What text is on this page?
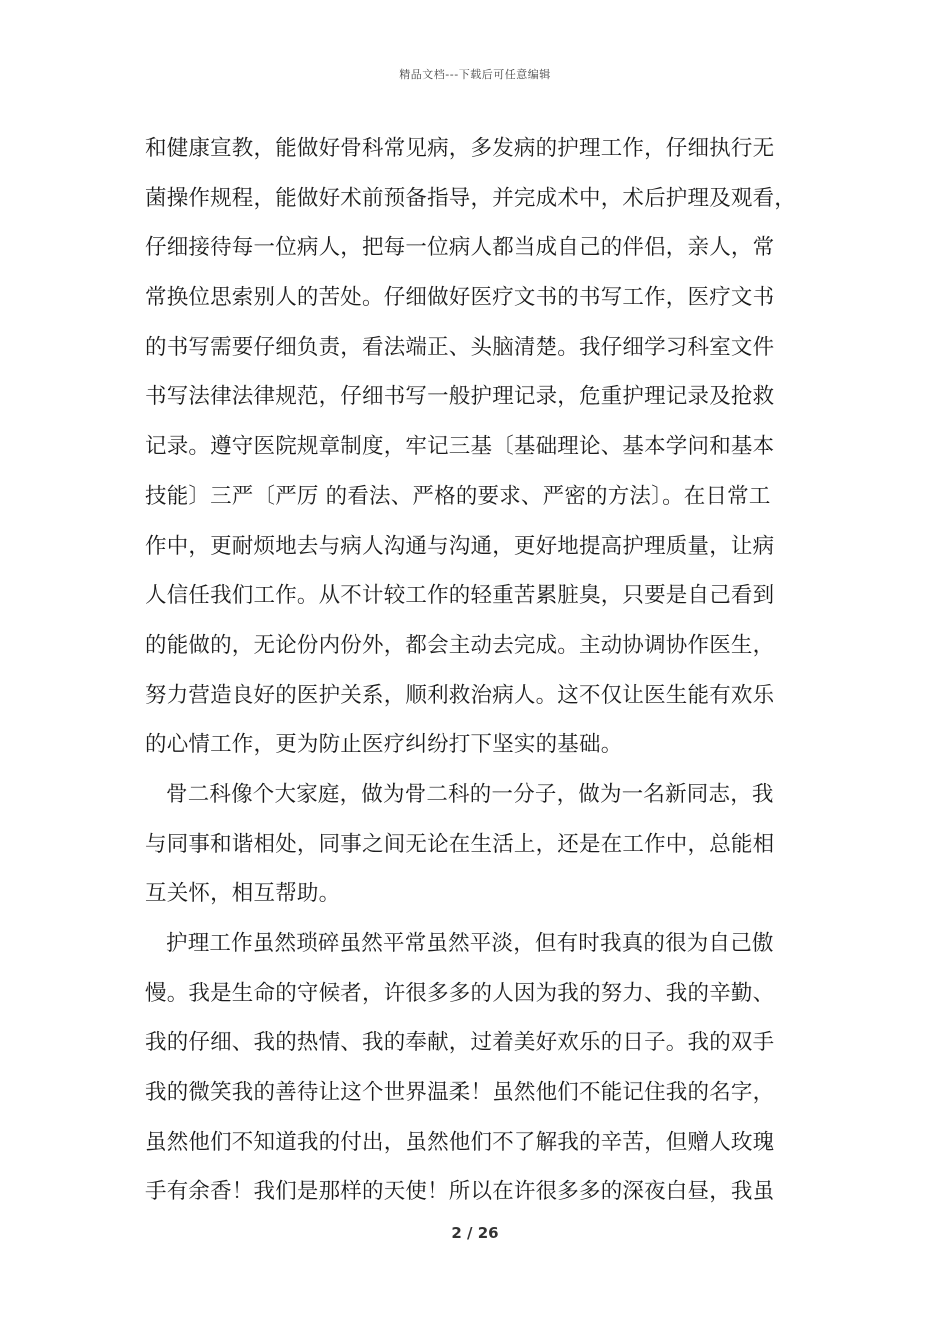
精品文档---下载后可任意编辑
和健康宣教，能做好骨科常见病，多发病的护理工作，仔细执行无
菌操作规程，能做好术前预备指导，并完成术中，术后护理及观看，
仔细接待每一位病人，把每一位病人都当成自己的伴侣，亲人，常
常换位思索别人的苦处。仔细做好医疗文书的书写工作，医疗文书
的书写需要仔细负责，看法端正、头脑清楚。我仔细学习科室文件
书写法律法律规范，仔细书写一般护理记录，危重护理记录及抢救
记录。遵守医院规章制度，牢记三基〔基础理论、基本学问和基本
技能〕三严〔严厉 的看法、严格的要求、严密的方法〕。在日常工
作中，更耐烦地去与病人沟通与沟通，更好地提高护理质量，让病
人信任我们工作。从不计较工作的轻重苦累脏臭，只要是自己看到
的能做的，无论份内份外，都会主动去完成。主动协调协作医生，
努力营造良好的医护关系，顺利救治病人。这不仅让医生能有欢乐
的心情工作，更为防止医疗纠纷打下坚实的基础。
骨二科像个大家庭，做为骨二科的一分子，做为一名新同志，我
与同事和谐相处，同事之间无论在生活上，还是在工作中，总能相
互关怀，相互帮助。
护理工作虽然琐碎虽然平常虽然平淡，但有时我真的很为自己傲
慢。我是生命的守候者，许很多多的人因为我的努力、我的辛勤、
我的仔细、我的热情、我的奉献，过着美好欢乐的日子。我的双手
我的微笑我的善待让这个世界温柔！虽然他们不能记住我的名字，
虽然他们不知道我的付出，虽然他们不了解我的辛苦，但赠人玫瑰
手有余香！我们是那样的天使！所以在许很多多的深夜白昼，我虽
2 / 26
